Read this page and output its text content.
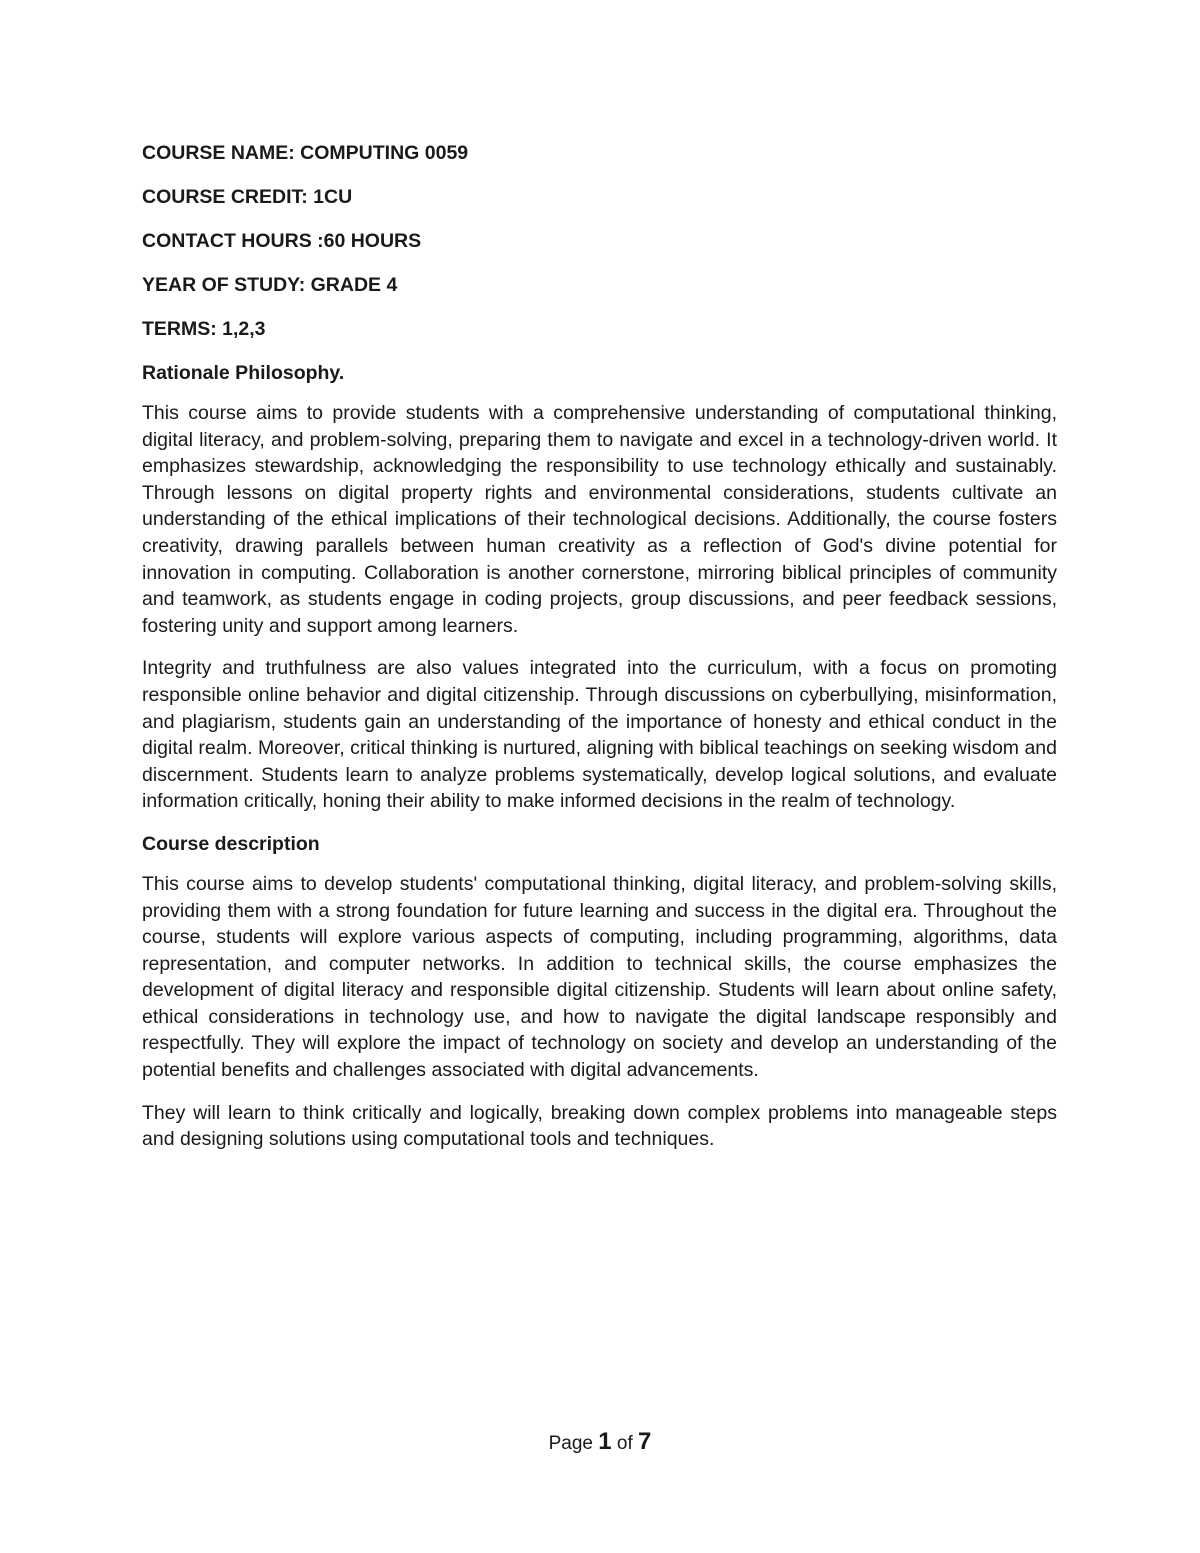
COURSE NAME: COMPUTING 0059

COURSE CREDIT: 1CU

CONTACT HOURS :60 HOURS

YEAR OF STUDY: GRADE 4

TERMS: 1,2,3

Rationale Philosophy.

This course aims to provide students with a comprehensive understanding of computational thinking, digital literacy, and problem-solving, preparing them to navigate and excel in a technology-driven world. It emphasizes stewardship, acknowledging the responsibility to use technology ethically and sustainably. Through lessons on digital property rights and environmental considerations, students cultivate an understanding of the ethical implications of their technological decisions. Additionally, the course fosters creativity, drawing parallels between human creativity as a reflection of God's divine potential for innovation in computing. Collaboration is another cornerstone, mirroring biblical principles of community and teamwork, as students engage in coding projects, group discussions, and peer feedback sessions, fostering unity and support among learners.

Integrity and truthfulness are also values integrated into the curriculum, with a focus on promoting responsible online behavior and digital citizenship. Through discussions on cyberbullying, misinformation, and plagiarism, students gain an understanding of the importance of honesty and ethical conduct in the digital realm. Moreover, critical thinking is nurtured, aligning with biblical teachings on seeking wisdom and discernment. Students learn to analyze problems systematically, develop logical solutions, and evaluate information critically, honing their ability to make informed decisions in the realm of technology.

Course description

This course aims to develop students' computational thinking, digital literacy, and problem-solving skills, providing them with a strong foundation for future learning and success in the digital era. Throughout the course, students will explore various aspects of computing, including programming, algorithms, data representation, and computer networks. In addition to technical skills, the course emphasizes the development of digital literacy and responsible digital citizenship. Students will learn about online safety, ethical considerations in technology use, and how to navigate the digital landscape responsibly and respectfully. They will explore the impact of technology on society and develop an understanding of the potential benefits and challenges associated with digital advancements.

They will learn to think critically and logically, breaking down complex problems into manageable steps and designing solutions using computational tools and techniques.

Page 1 of 7
